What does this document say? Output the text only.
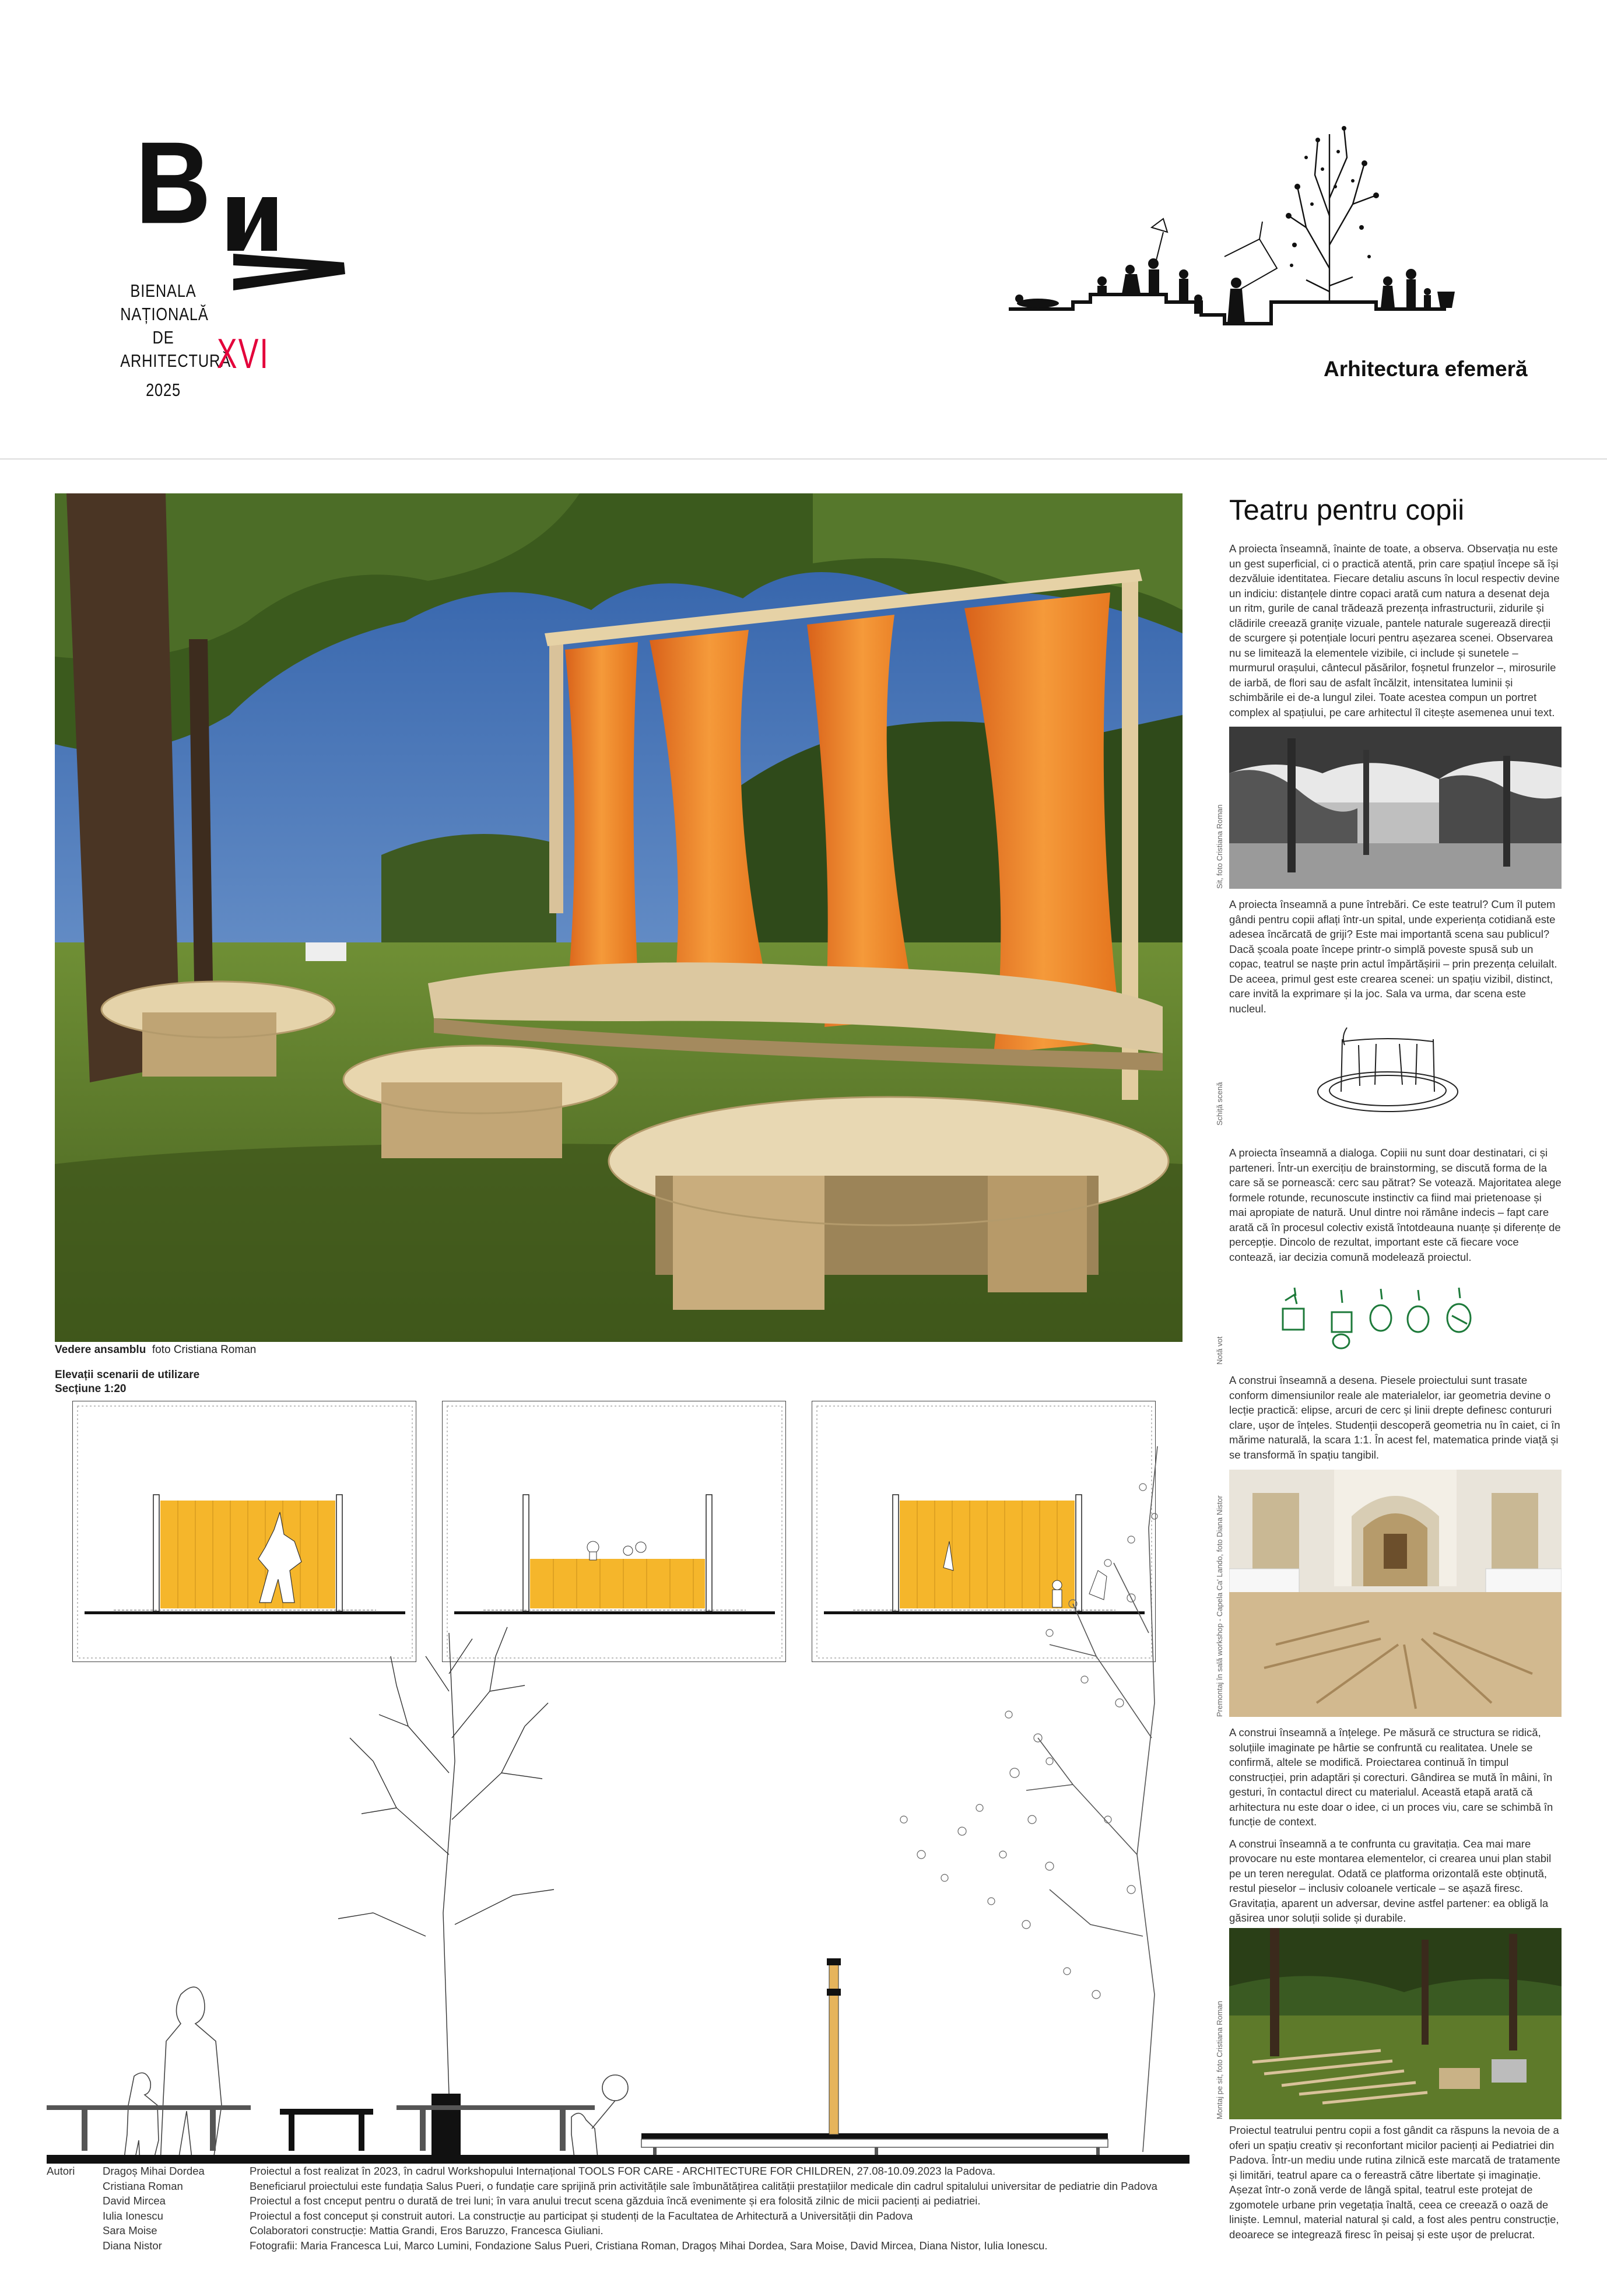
B
BIENALA
NAȚIONALĂ
DE
ARHITECTURĂ
2025
XVI	Arhitectura efemeră
Vedere ansamblu foto Cristiana Roman
Elevații scenarii de utilizare
Secțiune 1:20
Autori	Dragoș Mihai Dordea
Cristiana Roman
David Mircea
Iulia Ionescu
Sara Moise
Diana Nistor
Proiectul a fost realizat în 2023, în cadrul Workshopului Internațional TOOLS FOR CARE - ARCHITECTURE FOR CHILDREN, 27.08-10.09.2023 la Padova.
Beneficiarul proiectului este fundația Salus Pueri, o fundație care sprijină prin activitățile sale îmbunătățirea calității prestațiilor medicale din cadrul spitalului universitar de pediatrie din Padova
Proiectul a fost cnceput pentru o durată de trei luni; în vara anului trecut scena găzduia încă evenimente și era folosită zilnic de micii pacienți ai pediatriei.
Proiectul a fost conceput și construit autori. La construcție au participat și studenți de la Facultatea de Arhitectură a Universității din Padova
Colaboratori construcție: Mattia Grandi, Eros Baruzzo, Francesca Giuliani.
Fotografii: Maria Francesca Lui, Marco Lumini, Fondazione Salus Pueri, Cristiana Roman, Dragoș Mihai Dordea, Sara Moise, David Mircea, Diana Nistor, Iulia Ionescu.
Teatru pentru copii

A proiecta înseamnă, înainte de toate, a observa. Observația nu este un gest superficial, ci o practică atentă, prin care spațiul începe să își dezvăluie identitatea. Fiecare detaliu ascuns în locul respectiv devine un indiciu: distanțele dintre copaci arată cum natura a desenat deja un ritm, gurile de canal trădează prezența infrastructurii, zidurile și clădirile creează granițe vizuale, pantele naturale sugerează direcții de scurgere și potențiale locuri pentru așezarea scenei. Observarea nu se limitează la elementele vizibile, ci include și sunetele – murmurul orașului, cântecul păsărilor, foșnetul frunzelor –, mirosurile de iarbă, de flori sau de asfalt încălzit, intensitatea luminii și schimbările ei de-a lungul zilei. Toate acestea compun un portret complex al spațiului, pe care arhitectul îl citește asemenea unui text.

Sit, foto Cristiana Roman

A proiecta înseamnă a pune întrebări. Ce este teatrul? Cum îl putem gândi pentru copii aflați într-un spital, unde experiența cotidiană este adesea încărcată de griji? Este mai importantă scena sau publicul? Dacă școala poate începe printr-o simplă poveste spusă sub un copac, teatrul se naște prin actul împărtășirii – prin prezența celuilalt. De aceea, primul gest este crearea scenei: un spațiu vizibil, distinct, care invită la exprimare și la joc. Sala va urma, dar scena este nucleul.

Schiță scenă

A proiecta înseamnă a dialoga. Copiii nu sunt doar destinatari, ci și parteneri. Într-un exercițiu de brainstorming, se discută forma de la care să se pornească: cerc sau pătrat? Se votează. Majoritatea alege formele rotunde, recunoscute instinctiv ca fiind mai prietenoase și mai apropiate de natură. Unul dintre noi rămâne indecis – fapt care arată că în procesul colectiv există întotdeauna nuanțe și diferențe de percepție. Dincolo de rezultat, important este că fiecare voce contează, iar decizia comună modelează proiectul.

Notă vot

A construi înseamnă a desena. Piesele proiectului sunt trasate conform dimensiunilor reale ale materialelor, iar geometria devine o lecție practică: elipse, arcuri de cerc și linii drepte definesc contururi clare, ușor de înțeles. Studenții descoperă geometria nu în caiet, ci în mărime naturală, la scara 1:1. În acest fel, matematica prinde viață și se transformă în spațiu tangibil.

Premontaj în sală workshop - Capela Ca' Lando, foto Diana Nistor

A construi înseamnă a înțelege. Pe măsură ce structura se ridică, soluțiile imaginate pe hârtie se confruntă cu realitatea. Unele se confirmă, altele se modifică. Proiectarea continuă în timpul construcției, prin adaptări și corecturi. Gândirea se mută în mâini, în gesturi, în contactul direct cu materialul. Această etapă arată că arhitectura nu este doar o idee, ci un proces viu, care se schimbă în funcție de context.

A construi înseamnă a te confrunta cu gravitația. Cea mai mare provocare nu este montarea elementelor, ci crearea unui plan stabil pe un teren neregulat. Odată ce platforma orizontală este obținută, restul pieselor – inclusiv coloanele verticale – se așază firesc. Gravitația, aparent un adversar, devine astfel partener: ea obligă la găsirea unor soluții solide și durabile.

Montaj pe sit, foto Cristiana Roman

Proiectul teatrului pentru copii a fost gândit ca răspuns la nevoia de a oferi un spațiu creativ și reconfortant micilor pacienți ai Pediatriei din Padova. Într-un mediu unde rutina zilnică este marcată de tratamente și limitări, teatrul apare ca o fereastră către libertate și imaginație. Așezat într-o zonă verde de lângă spital, teatrul este protejat de zgomotele urbane prin vegetația înaltă, ceea ce creează o oază de liniște. Lemnul, material natural și cald, a fost ales pentru construcție, deoarece se integrează firesc în peisaj și este ușor de prelucrat.
